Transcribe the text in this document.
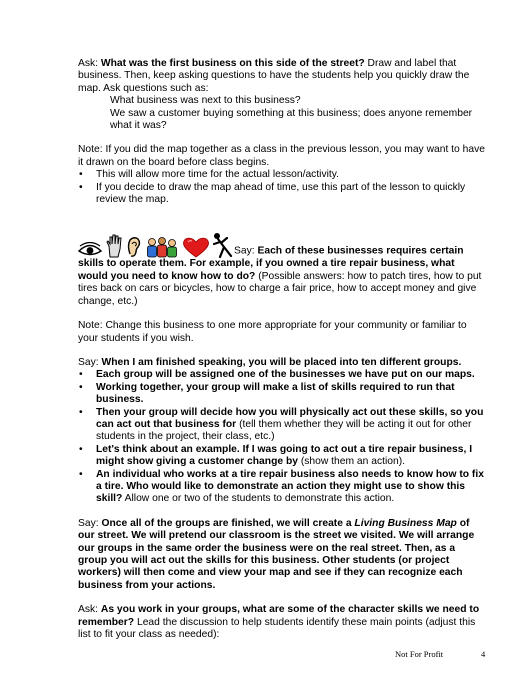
Ask: What was the first business on this side of the street? Draw and label that business. Then, keep asking questions to have the students help you quickly draw the map. Ask questions such as:

What business was next to this business?

We saw a customer buying something at this business; does anyone remember what it was?

Note: If you did the map together as a class in the previous lesson, you may want to have it drawn on the board before class begins.

• This will allow more time for the actual lesson/activity.
• If you decide to draw the map ahead of time, use this part of the lesson to quickly review the map.

Say: Each of these businesses requires certain skills to operate them. For example, if you owned a tire repair business, what would you need to know how to do? (Possible answers: how to patch tires, how to put tires back on cars or bicycles, how to charge a fair price, how to accept money and give change, etc.)

Note: Change this business to one more appropriate for your community or familiar to your students if you wish.

Say: When I am finished speaking, you will be placed into ten different groups.

• Each group will be assigned one of the businesses we have put on our maps.
• Working together, your group will make a list of skills required to run that business.
• Then your group will decide how you will physically act out these skills, so you can act out that business for (tell them whether they will be acting it out for other students in the project, their class, etc.)
• Let's think about an example. If I was going to act out a tire repair business, I might show giving a customer change by (show them an action).
• An individual who works at a tire repair business also needs to know how to fix a tire. Who would like to demonstrate an action they might use to show this skill? Allow one or two of the students to demonstrate this action.

Say: Once all of the groups are finished, we will create a Living Business Map of our street. We will pretend our classroom is the street we visited. We will arrange our groups in the same order the business were on the real street. Then, as a group you will act out the skills for this business. Other students (or project workers) will then come and view your map and see if they can recognize each business from your actions.

Ask: As you work in your groups, what are some of the character skills we need to remember? Lead the discussion to help students identify these main points (adjust this list to fit your class as needed):

Not For Profit	4
